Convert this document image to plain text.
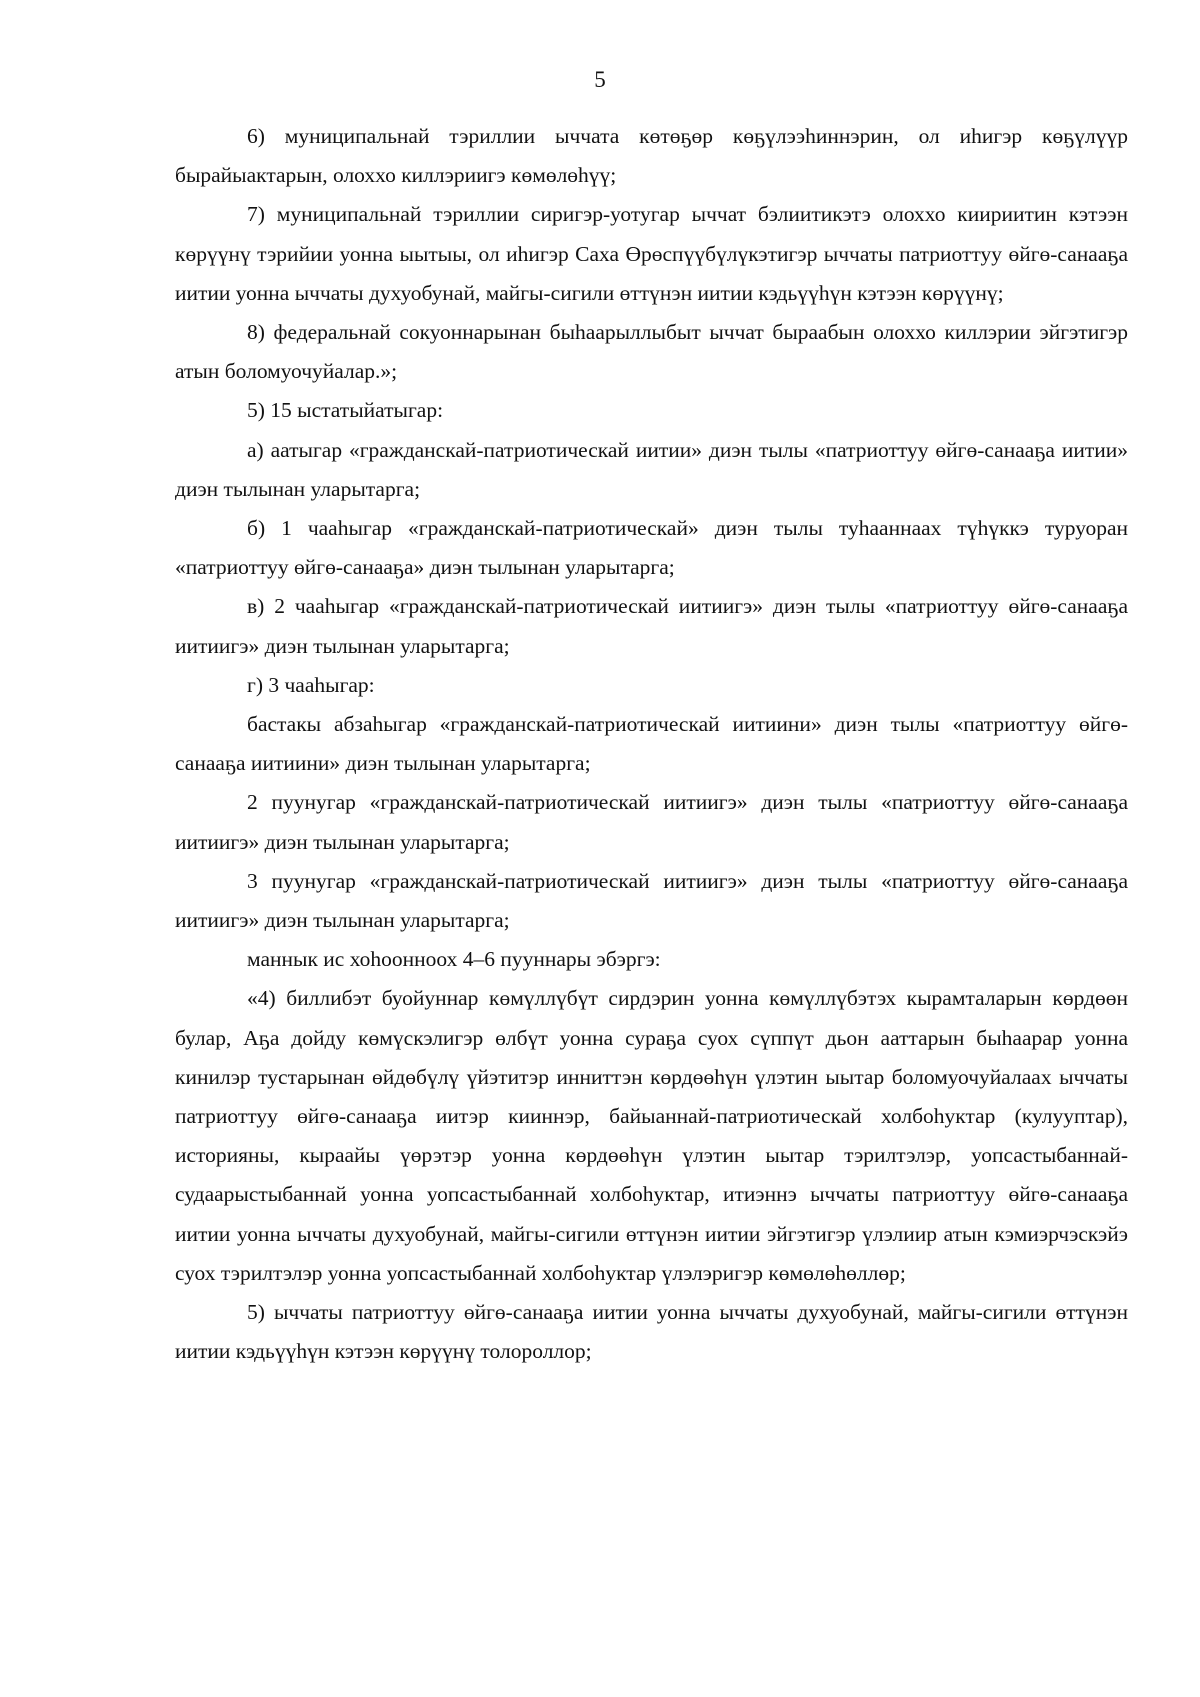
5

6) муниципальнай тэриллии ыччата көтөҕөр көҕүлээһиннэрин, ол иһигэр көҕүлүүр бырайыактарын, олоххо киллэриигэ көмөлөһүү;

7) муниципальнай тэриллии сиригэр-уотугар ыччат бэлиитикэтэ олоххо киириитин кэтээн көрүүнү тэрийии уонна ыытыы, ол иһигэр Саха Өрөспүүбүлүкэтигэр ыччаты патриоттуу өйгө-санааҕа иитии уонна ыччаты духуобунай, майгы-сигили өттүнэн иитии кэдьүүһүн кэтээн көрүүнү;

8) федеральнай сокуоннарынан быһаарыллыбыт ыччат быраабын олоххо киллэрии эйгэтигэр атын боломуочуйалар.»;

5) 15 ыстатыйатыгар:

а) аатыгар «гражданскай-патриотическай иитии» диэн тылы «патриоттуу өйгө-санааҕа иитии» диэн тылынан уларытарга;

б) 1 чааһыгар «гражданскай-патриотическай» диэн тылы туһааннаах түһүккэ туруоран «патриоттуу өйгө-санааҕа» диэн тылынан уларытарга;

в) 2 чааһыгар «гражданскай-патриотическай иитиигэ» диэн тылы «патриоттуу өйгө-санааҕа иитиигэ» диэн тылынан уларытарга;

г) 3 чааһыгар:

бастакы абзаһыгар «гражданскай-патриотическай иитиини» диэн тылы «патриоттуу өйгө-санааҕа иитиини» диэн тылынан уларытарга;

2 пуунугар «гражданскай-патриотическай иитиигэ» диэн тылы «патриоттуу өйгө-санааҕа иитиигэ» диэн тылынан уларытарга;

3 пуунугар «гражданскай-патриотическай иитиигэ» диэн тылы «патриоттуу өйгө-санааҕа иитиигэ» диэн тылынан уларытарга;

маннык ис хоһоонноох 4–6 пууннары эбэргэ:

«4) биллибэт буойуннар көмүллүбүт сирдэрин уонна көмүллүбэтэх кырамталарын көрдөөн булар, Аҕа дойду көмүскэлигэр өлбүт уонна сураҕа суох сүппүт дьон ааттарын быһаарар уонна кинилэр тустарынан өйдөбүлү үйэтитэр инниттэн көрдөөһүн үлэтин ыытар боломуочуйалаах ыччаты патриоттуу өйгө-санааҕа иитэр кииннэр, байыаннай-патриотическай холбоһуктар (кулууптар), историяны, кыраайы үөрэтэр уонна көрдөөһүн үлэтин ыытар тэрилтэлэр, уопсастыбаннай-судаарыстыбаннай уонна уопсастыбаннай холбоһуктар, итиэннэ ыччаты патриоттуу өйгө-санааҕа иитии уонна ыччаты духуобунай, майгы-сигили өттүнэн иитии эйгэтигэр үлэлиир атын кэмиэрчэскэйэ суох тэрилтэлэр уонна уопсастыбаннай холбоһуктар үлэлэригэр көмөлөһөллөр;

5) ыччаты патриоттуу өйгө-санааҕа иитии уонна ыччаты духуобунай, майгы-сигили өттүнэн иитии кэдьүүһүн кэтээн көрүүнү толороллор;
